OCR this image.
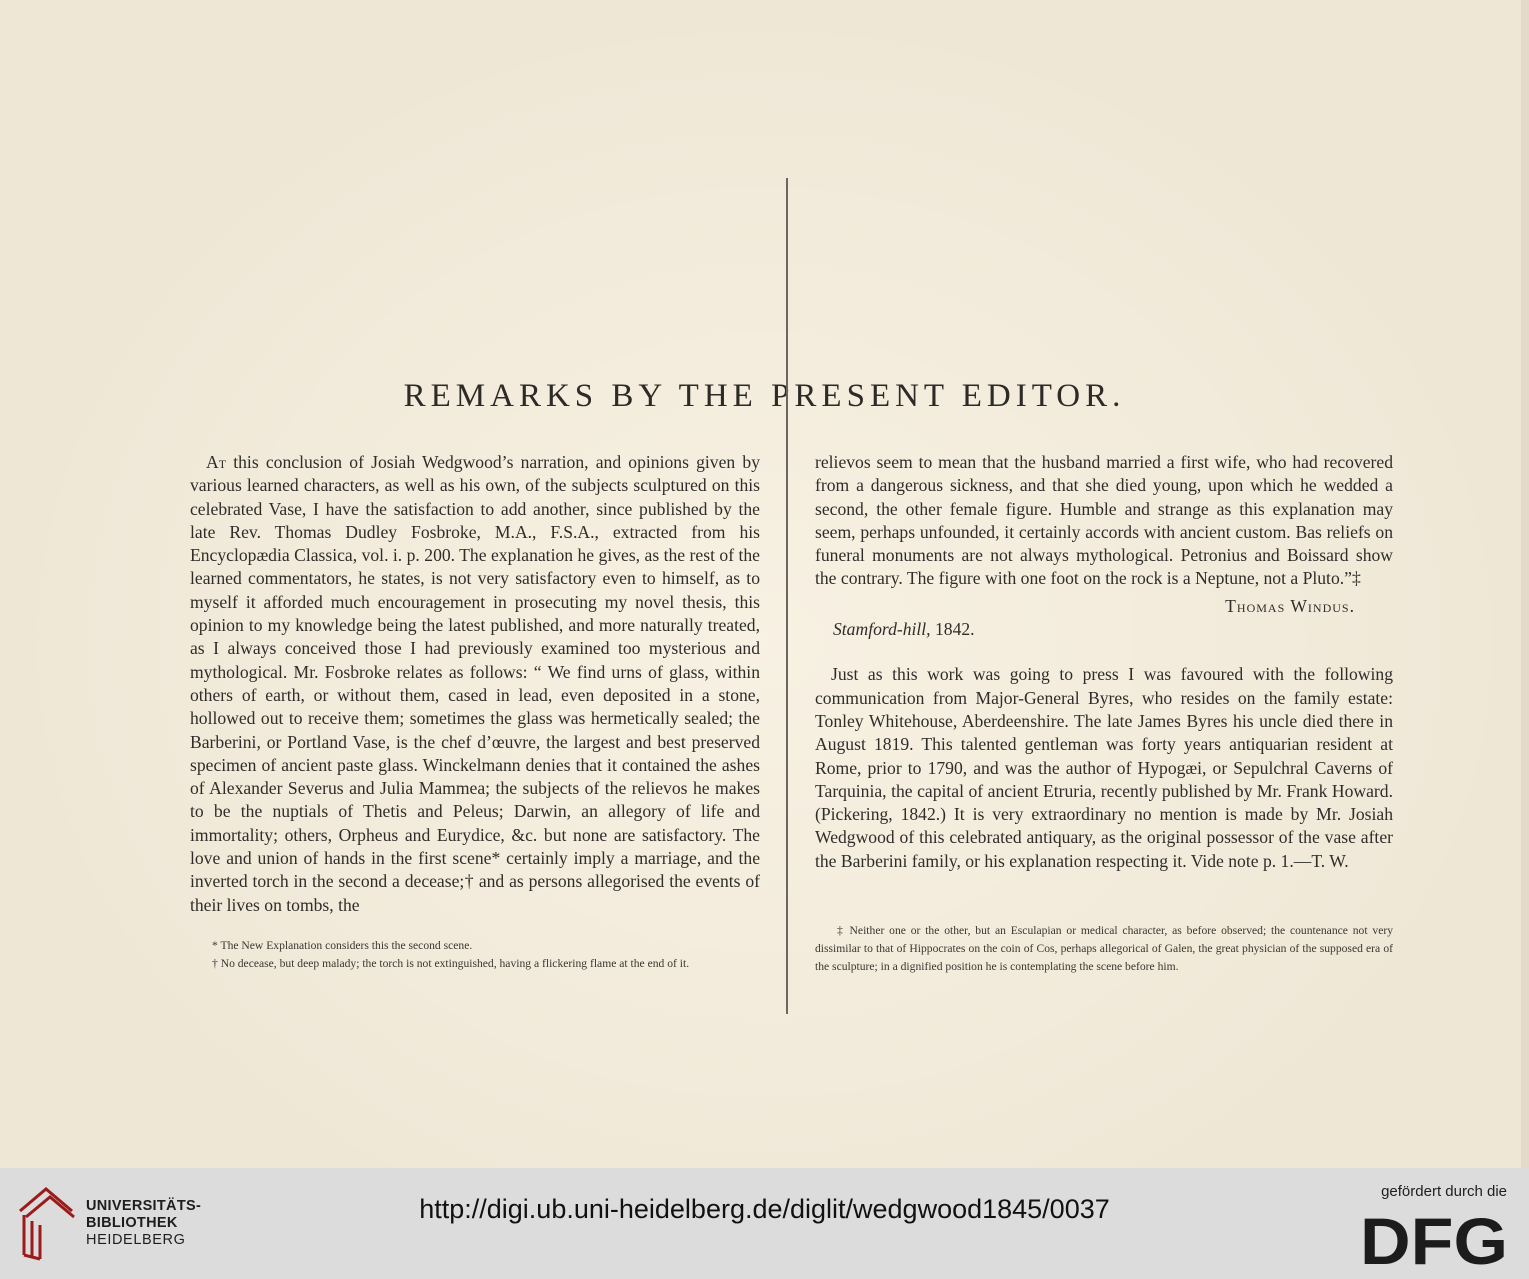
REMARKS BY THE PRESENT EDITOR.

At this conclusion of Josiah Wedgwood’s narration, and opinions given by various learned characters, as well as his own, of the subjects sculptured on this celebrated Vase, I have the satisfaction to add another, since published by the late Rev. Thomas Dudley Fosbroke, M.A., F.S.A., extracted from his Encyclopædia Classica, vol. i. p. 200. The explanation he gives, as the rest of the learned commentators, he states, is not very satisfactory even to himself, as to myself it afforded much encouragement in prosecuting my novel thesis, this opinion to my knowledge being the latest published, and more naturally treated, as I always conceived those I had previously examined too mysterious and mythological. Mr. Fosbroke relates as follows: “ We find urns of glass, within others of earth, or without them, cased in lead, even deposited in a stone, hollowed out to receive them; sometimes the glass was hermetically sealed; the Barberini, or Portland Vase, is the chef d’œuvre, the largest and best preserved specimen of ancient paste glass. Winckelmann denies that it contained the ashes of Alexander Severus and Julia Mammea; the subjects of the relievos he makes to be the nuptials of Thetis and Peleus; Darwin, an allegory of life and immortality; others, Orpheus and Eurydice, &c. but none are satisfactory. The love and union of hands in the first scene* certainly imply a marriage, and the inverted torch in the second a decease;† and as persons allegorised the events of their lives on tombs, the

relievos seem to mean that the husband married a first wife, who had recovered from a dangerous sickness, and that she died young, upon which he wedded a second, the other female figure. Humble and strange as this explanation may seem, perhaps unfounded, it certainly accords with ancient custom. Bas reliefs on funeral monuments are not always mythological. Petronius and Boissard show the contrary. The figure with one foot on the rock is a Neptune, not a Pluto.”‡

Thomas Windus.

Stamford-hill, 1842.

Just as this work was going to press I was favoured with the following communication from Major-General Byres, who resides on the family estate: Tonley Whitehouse, Aberdeenshire. The late James Byres his uncle died there in August 1819. This talented gentleman was forty years antiquarian resident at Rome, prior to 1790, and was the author of Hypogæi, or Sepulchral Caverns of Tarquinia, the capital of ancient Etruria, recently published by Mr. Frank Howard. (Pickering, 1842.) It is very extraordinary no mention is made by Mr. Josiah Wedgwood of this celebrated antiquary, as the original possessor of the vase after the Barberini family, or his explanation respecting it. Vide note p. 1.—T. W.

* The New Explanation considers this the second scene.

† No decease, but deep malady; the torch is not extinguished, having a flickering flame at the end of it.

‡ Neither one or the other, but an Esculapian or medical character, as before observed; the countenance not very dissimilar to that of Hippocrates on the coin of Cos, perhaps allegorical of Galen, the great physician of the supposed era of the sculpture; in a dignified position he is contemplating the scene before him.

UNIVERSITÄTS-
BIBLIOTHEK
HEIDELBERG
http://digi.ub.uni-heidelberg.de/diglit/wedgwood1845/0037
gefördert durch die
DFG
